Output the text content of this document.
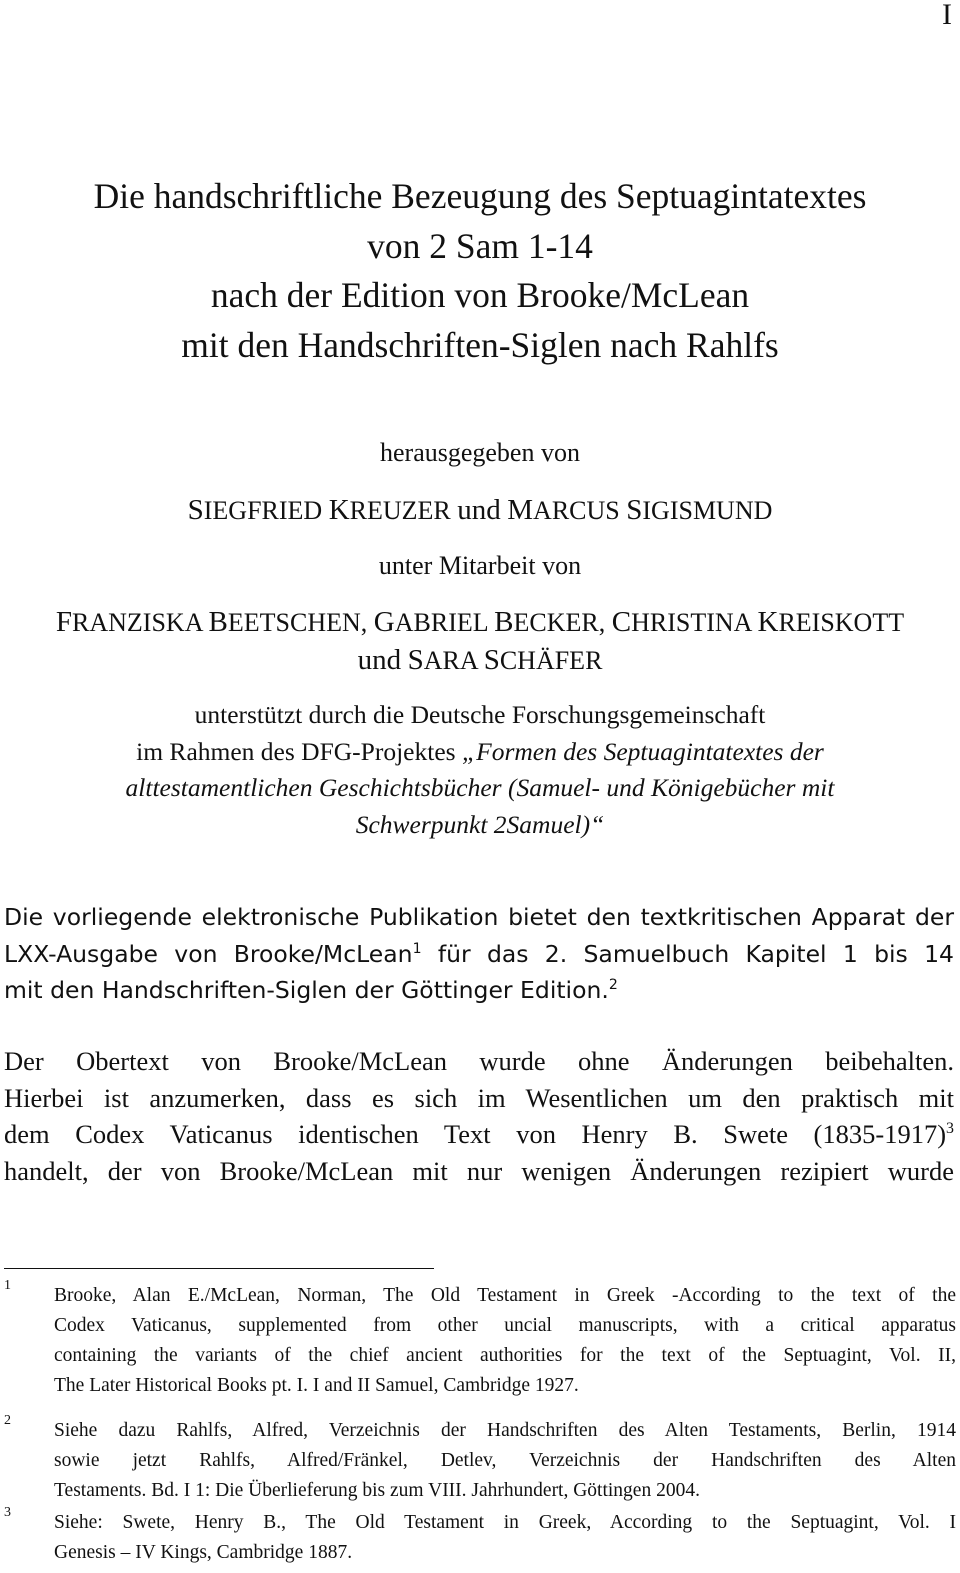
I
Die handschriftliche Bezeugung des Septuagintatextes
von 2 Sam 1-14
nach der Edition von Brooke/McLean
mit den Handschriften-Siglen nach Rahlfs
herausgegeben von
SIEGFRIED KREUZER und MARCUS SIGISMUND
unter Mitarbeit von
FRANZISKA BEETSCHEN, GABRIEL BECKER, CHRISTINA KREISKOTT
und SARA SCHÄFER
unterstützt durch die Deutsche Forschungsgemeinschaft
im Rahmen des DFG-Projektes „Formen des Septuagintatextes der
alttestamentlichen Geschichtsbücher (Samuel- und Königebücher mit
Schwerpunkt 2Samuel)“
Die vorliegende elektronische Publikation bietet den textkritischen Apparat der
LXX-Ausgabe von Brooke/McLean$^1$ für das 2. Samuelbuch Kapitel 1 bis 14
mit den Handschriften-Siglen der Göttinger Edition.$^2$
Der Obertext von Brooke/McLean wurde ohne Änderungen beibehalten.
Hierbei ist anzumerken, dass es sich im Wesentlichen um den praktisch mit
dem Codex Vaticanus identischen Text von Henry B. Swete (1835-1917)$^3$
handelt, der von Brooke/McLean mit nur wenigen Änderungen rezipiert wurde
1 Brooke, Alan E./McLean, Norman, The Old Testament in Greek -According to the text of the
Codex Vaticanus, supplemented from other uncial manuscripts, with a critical apparatus
containing the variants of the chief ancient authorities for the text of the Septuagint, Vol. II,
The Later Historical Books pt. I. I and II Samuel, Cambridge 1927.
2 Siehe dazu Rahlfs, Alfred, Verzeichnis der Handschriften des Alten Testaments, Berlin, 1914
sowie jetzt Rahlfs, Alfred/Fränkel, Detlev, Verzeichnis der Handschriften des Alten
Testaments. Bd. I 1: Die Überlieferung bis zum VIII. Jahrhundert, Göttingen 2004.
3 Siehe: Swete, Henry B., The Old Testament in Greek, According to the Septuagint, Vol. I
Genesis – IV Kings, Cambridge 1887.
